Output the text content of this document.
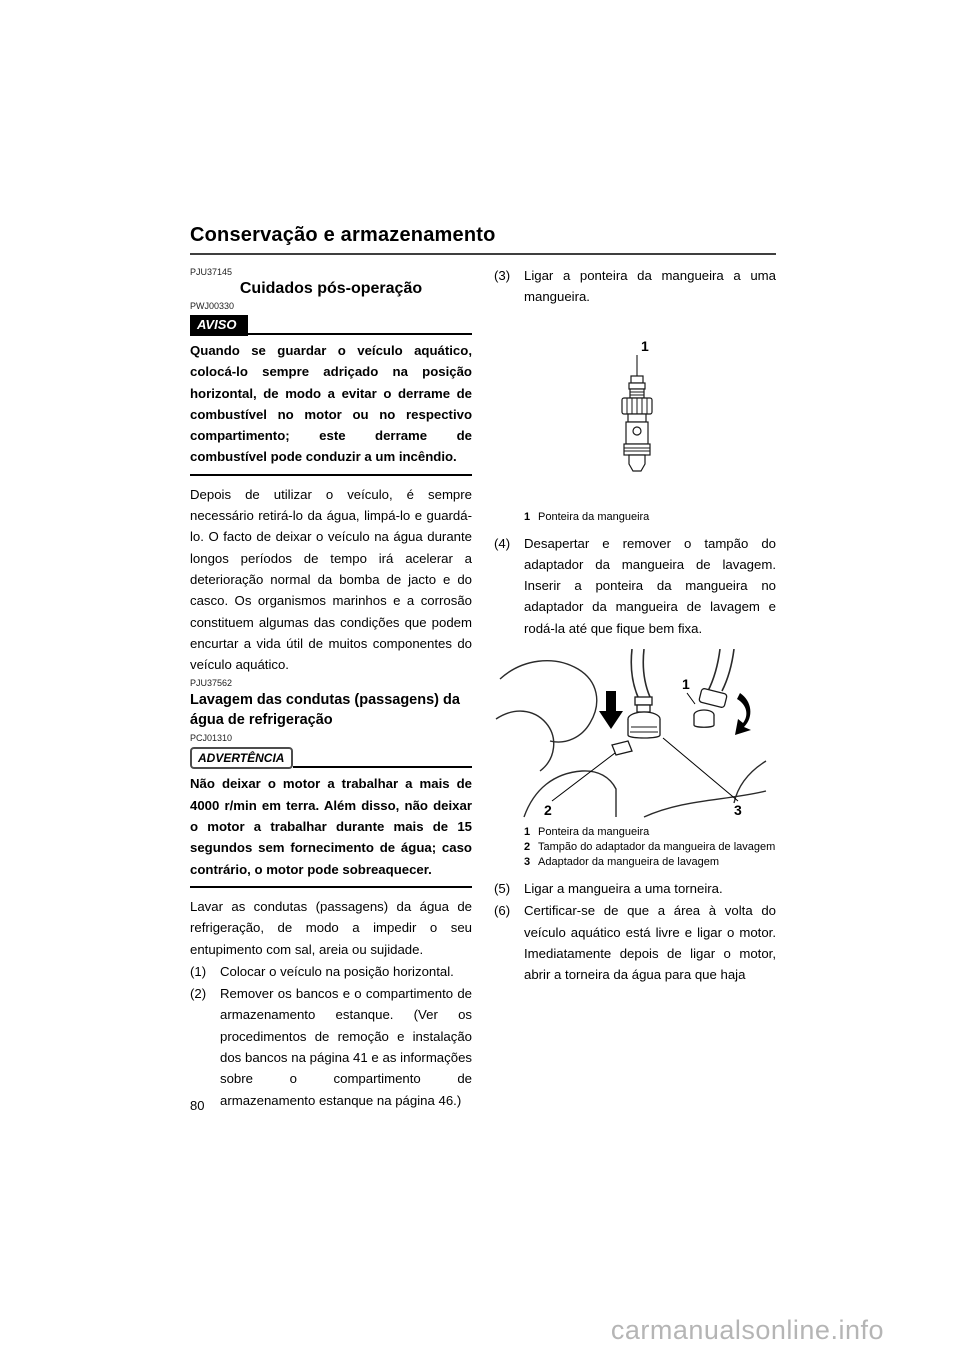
Conservação e armazenamento
PJU37145
Cuidados pós-operação
PWJ00330
AVISO

Quando se guardar o veículo aquático, colocá-lo sempre adriçado na posição horizontal, de modo a evitar o derrame de combustível no motor ou no respectivo compartimento; este derrame de combustível pode conduzir a um incêndio.

Depois de utilizar o veículo, é sempre necessário retirá-lo da água, limpá-lo e guardá-lo. O facto de deixar o veículo na água durante longos períodos de tempo irá acelerar a deterioração normal da bomba de jacto e do casco. Os organismos marinhos e a corrosão constituem algumas das condições que podem encurtar a vida útil de muitos componentes do veículo aquático.

PJU37562
Lavagem das condutas (passagens) da água de refrigeração
PCJ01310
ADVERTÊNCIA

Não deixar o motor a trabalhar a mais de 4000 r/min em terra. Além disso, não deixar o motor a trabalhar durante mais de 15 segundos sem fornecimento de água; caso contrário, o motor pode sobreaquecer.

Lavar as condutas (passagens) da água de refrigeração, de modo a impedir o seu entupimento com sal, areia ou sujidade.

(1)	Colocar o veículo na posição horizontal.
(2)	Remover os bancos e o compartimento de armazenamento estanque. (Ver os procedimentos de remoção e instalação dos bancos na página 41 e as informações sobre o compartimento de armazenamento estanque na página 46.)
(3)	Ligar a ponteira da mangueira a uma mangueira.
1
1 Ponteira da mangueira
(4)	Desapertar e remover o tampão do adaptador da mangueira de lavagem. Inserir a ponteira da mangueira no adaptador da mangueira de lavagem e rodá-la até que fique bem fixa.
1
2	3
1 Ponteira da mangueira
2 Tampão do adaptador da mangueira de lavagem
3 Adaptador da mangueira de lavagem
(5)	Ligar a mangueira a uma torneira.
(6)	Certificar-se de que a área à volta do veículo aquático está livre e ligar o motor. Imediatamente depois de ligar o motor, abrir a torneira da água para que haja
80
carmanualsonline.info
